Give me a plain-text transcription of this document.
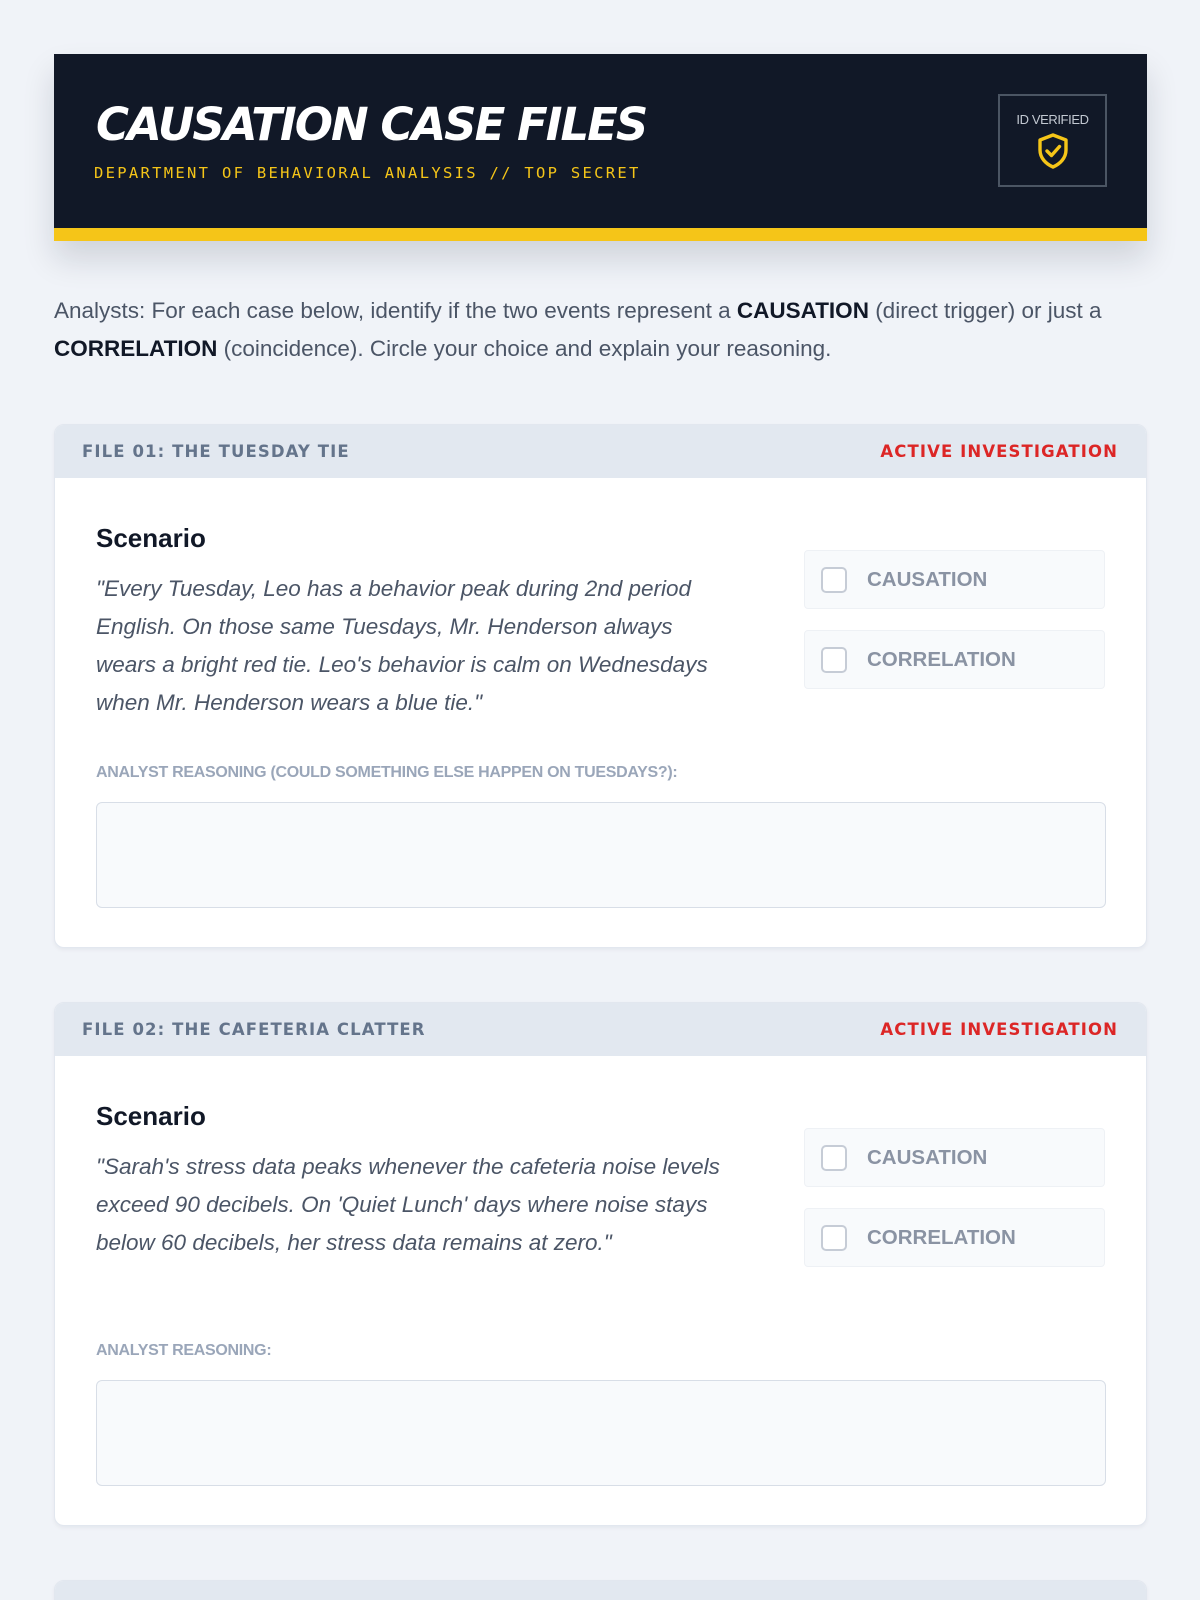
CAUSATION CASE FILES
DEPARTMENT OF BEHAVIORAL ANALYSIS // TOP SECRET
ID VERIFIED

Analysts: For each case below, identify if the two events represent a CAUSATION (direct trigger) or just a CORRELATION (coincidence). Circle your choice and explain your reasoning.

FILE 01: THE TUESDAY TIE	ACTIVE INVESTIGATION
Scenario
"Every Tuesday, Leo has a behavior peak during 2nd period English. On those same Tuesdays, Mr. Henderson always wears a bright red tie. Leo's behavior is calm on Wednesdays when Mr. Henderson wears a blue tie."
CAUSATION
CORRELATION
ANALYST REASONING (COULD SOMETHING ELSE HAPPEN ON TUESDAYS?):
FILE 02: THE CAFETERIA CLATTER	ACTIVE INVESTIGATION
Scenario
"Sarah's stress data peaks whenever the cafeteria noise levels exceed 90 decibels. On 'Quiet Lunch' days where noise stays below 60 decibels, her stress data remains at zero."
CAUSATION
CORRELATION
ANALYST REASONING:
